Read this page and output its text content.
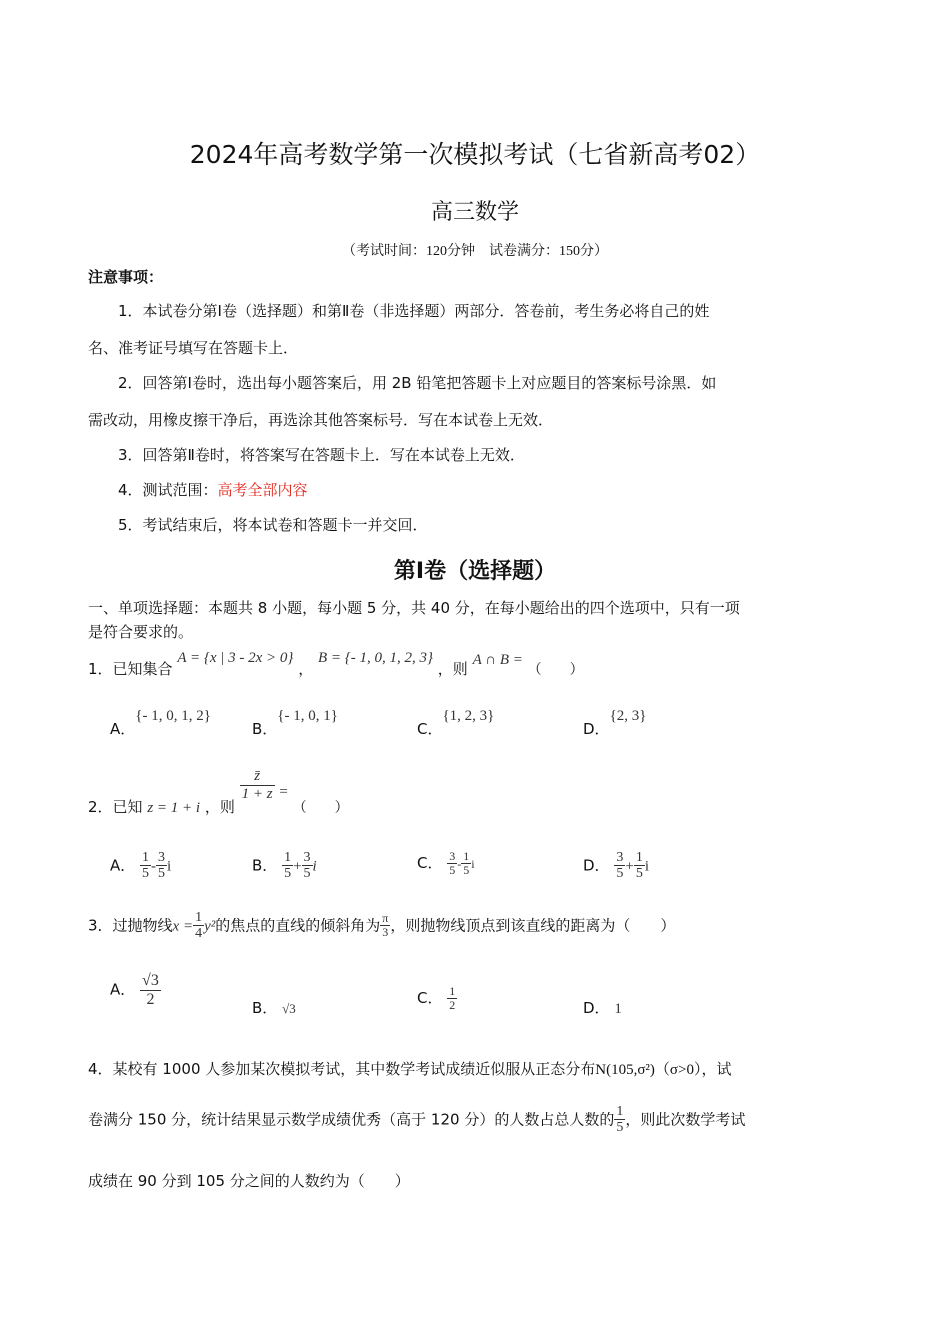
2024年高考数学第一次模拟考试（七省新高考02）
高三数学
（考试时间：120分钟　试卷满分：150分）
注意事项：
1．本试卷分第Ⅰ卷（选择题）和第Ⅱ卷（非选择题）两部分．答卷前，考生务必将自己的姓
名、准考证号填写在答题卡上．
2．回答第Ⅰ卷时，选出每小题答案后，用 2B 铅笔把答题卡上对应题目的答案标号涂黑．如
需改动，用橡皮擦干净后，再选涂其他答案标号．写在本试卷上无效．
3．回答第Ⅱ卷时，将答案写在答题卡上．写在本试卷上无效．
4．测试范围：高考全部内容
5．考试结束后，将本试卷和答题卡一并交回．
第Ⅰ卷（选择题）
一、单项选择题：本题共 8 小题，每小题 5 分，共 40 分，在每小题给出的四个选项中，只有一项
是符合要求的。
1．已知集合 A = {x | 3 - 2x > 0} ， B = {- 1, 0, 1, 2, 3} ，则 A ∩ B = （　　）
A．{- 1, 0, 1, 2}
B．{- 1, 0, 1}
C．{1, 2, 3}
D．{2, 3}
2．已知 z = 1 + i ，则
$\frac{z̄}{1 + z}$ = （　　）
A． $\frac{1}{5} - \frac{3}{5}$ i	B． $\frac{1}{5} + \frac{3}{5}$ i	C． $\frac{3}{5} - \frac{1}{5}$ i	D． $\frac{3}{5} + \frac{1}{5}$ i
3．过抛物线$x = \frac{1}{4} y^2$的焦点的直线的倾斜角为 $\frac{\pi}{3}$ ，则抛物线顶点到该直线的距离为（　　）
A． $\frac{√3}{2}$	B． √3
C． $\frac{1}{2}$	D． 1
4．某校有 1000 人参加某次模拟考试，其中数学考试成绩近似服从正态分布N(105,σ²)（σ>0），试
卷满分 150 分，统计结果显示数学成绩优秀（高于 120 分）的人数占总人数的 $\frac{1}{5}$ ，则此次数学考试
成绩在 90 分到 105 分之间的人数约为（　　）
